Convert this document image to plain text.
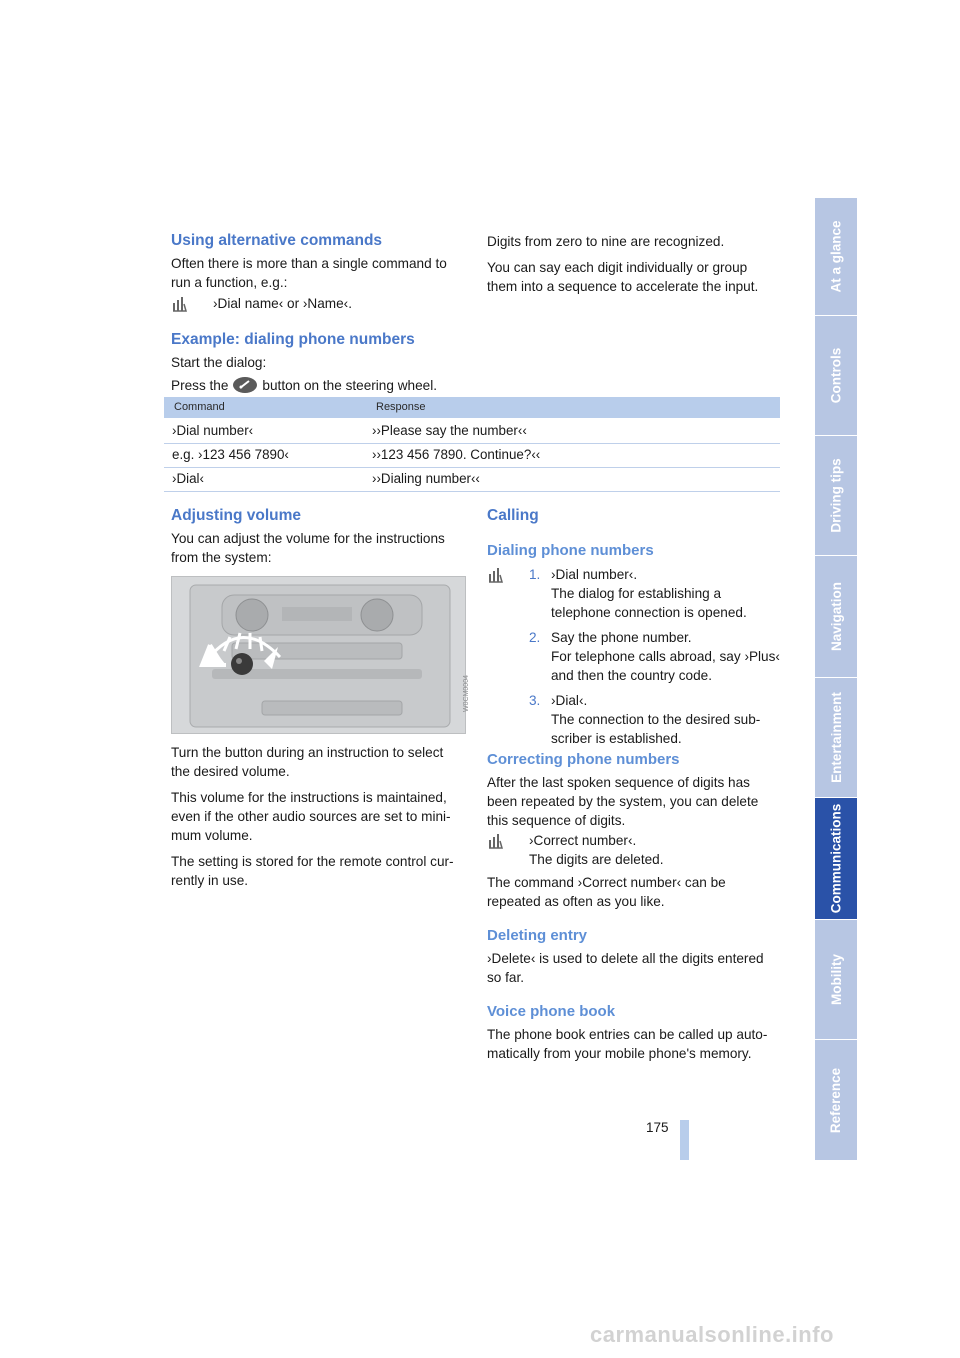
Using alternative commands
Often there is more than a single command to run a function, e.g.:
›Dial name‹ or ›Name‹.
Example: dialing phone numbers
Start the dialog:
Press the	button on the steering wheel.

Digits from zero to nine are recognized.

You can say each digit individually or group them into a sequence to accelerate the input.

Command	Response
›Dial number‹	››Please say the number‹‹
e.g. ›123 456 7890‹	››123 456 7890. Continue?‹‹
›Dial‹	››Dialing number‹‹
Adjusting volume
You can adjust the volume for the instructions from the system:
W0CM0004

Turn the button during an instruction to select the desired volume.

This volume for the instructions is maintained, even if the other audio sources are set to mini-mum volume.

The setting is stored for the remote control cur-rently in use.

Calling
Dialing phone numbers
1. ›Dial number‹.
The dialog for establishing a telephone connection is opened.
2. Say the phone number.
For telephone calls abroad, say ›Plus‹ and then the country code.
3. ›Dial‹.
The connection to the desired sub-scriber is established.
Correcting phone numbers
After the last spoken sequence of digits has been repeated by the system, you can delete this sequence of digits.
›Correct number‹.
The digits are deleted.
The command ›Correct number‹ can be repeated as often as you like.
Deleting entry
›Delete‹ is used to delete all the digits entered so far.
Voice phone book
The phone book entries can be called up auto-matically from your mobile phone's memory.
175
At a glance
Controls
Driving tips
Navigation
Entertainment
Communications
Mobility
Reference
carmanualsonline.info
